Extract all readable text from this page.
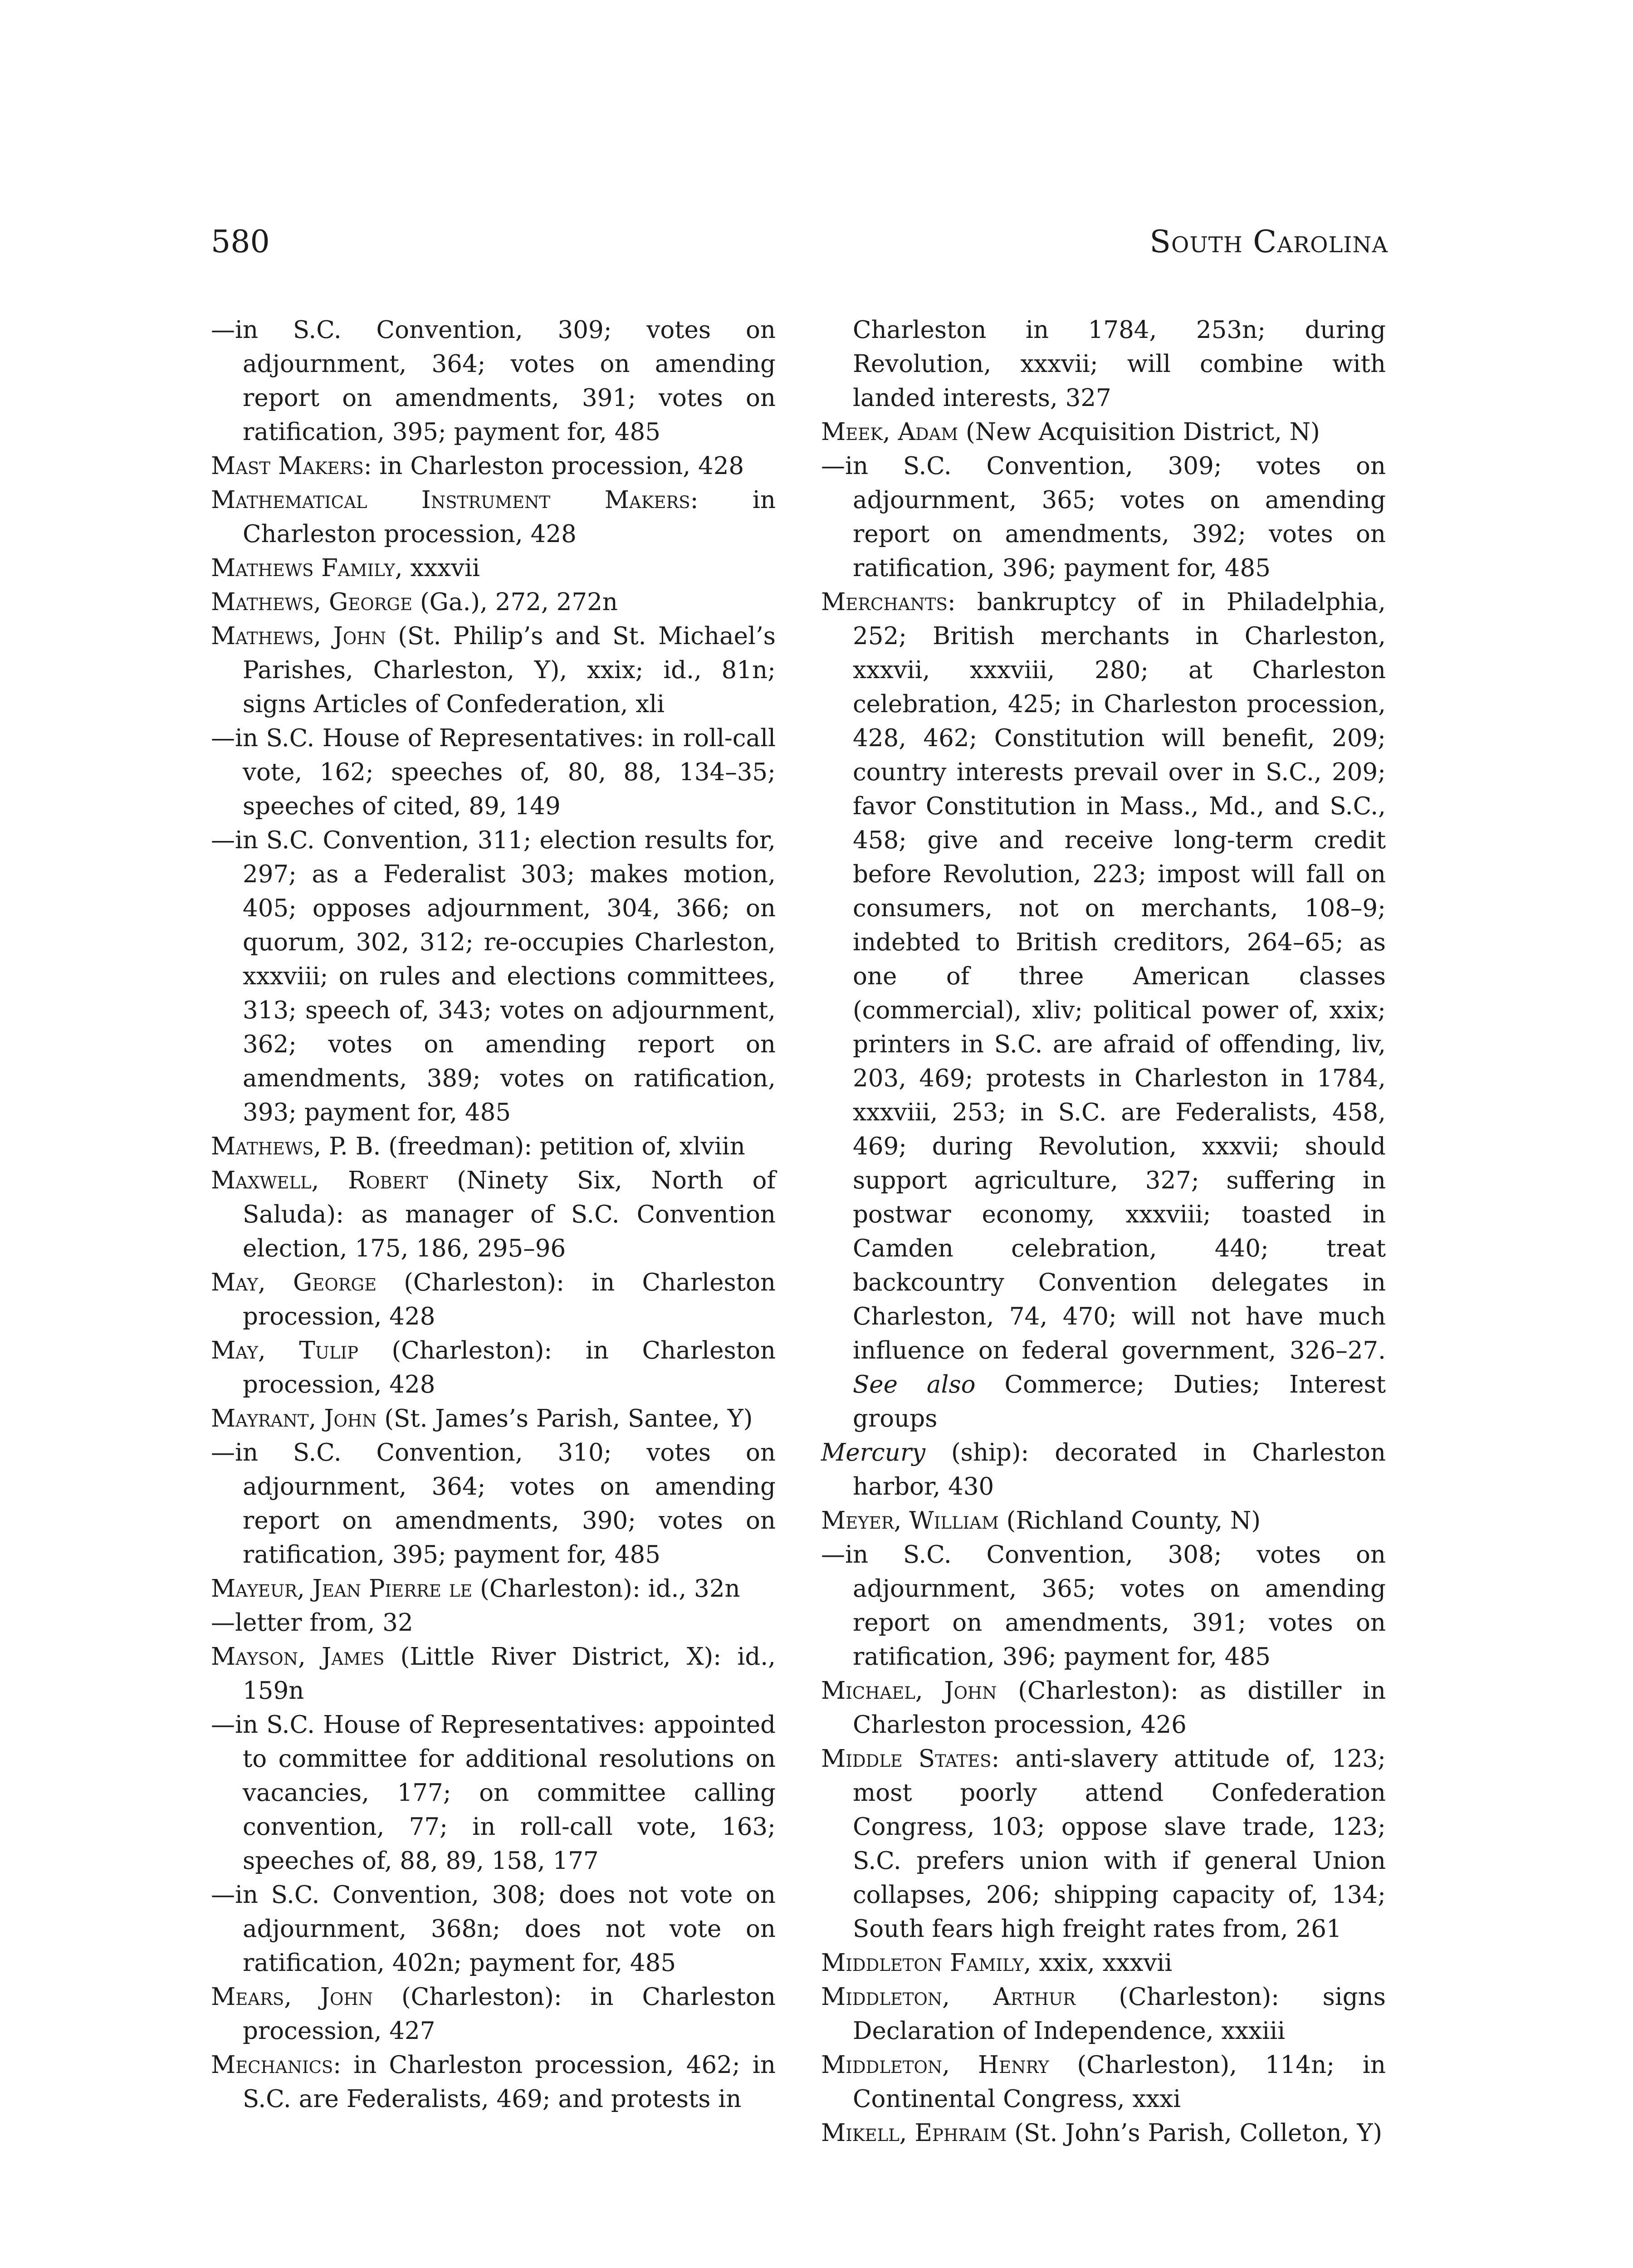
580	South Carolina
—in S.C. Convention, 309; votes on adjournment, 364; votes on amending report on amendments, 391; votes on ratification, 395; payment for, 485
Mast Makers: in Charleston procession, 428
Mathematical Instrument Makers: in Charleston procession, 428
Mathews Family, xxxvii
Mathews, George (Ga.), 272, 272n
Mathews, John (St. Philip’s and St. Michael’s Parishes, Charleston, Y), xxix; id., 81n; signs Articles of Confederation, xli
—in S.C. House of Representatives: in roll-call vote, 162; speeches of, 80, 88, 134–35; speeches of cited, 89, 149
—in S.C. Convention, 311; election results for, 297; as a Federalist 303; makes motion, 405; opposes adjournment, 304, 366; on quorum, 302, 312; re-occupies Charleston, xxxviii; on rules and elections committees, 313; speech of, 343; votes on adjournment, 362; votes on amending report on amendments, 389; votes on ratification, 393; payment for, 485
Mathews, P. B. (freedman): petition of, xlviin
Maxwell, Robert (Ninety Six, North of Saluda): as manager of S.C. Convention election, 175, 186, 295–96
May, George (Charleston): in Charleston procession, 428
May, Tulip (Charleston): in Charleston procession, 428
Mayrant, John (St. James’s Parish, Santee, Y)
—in S.C. Convention, 310; votes on adjournment, 364; votes on amending report on amendments, 390; votes on ratification, 395; payment for, 485
Mayeur, Jean Pierre le (Charleston): id., 32n
—letter from, 32
Mayson, James (Little River District, X): id., 159n
—in S.C. House of Representatives: appointed to committee for additional resolutions on vacancies, 177; on committee calling convention, 77; in roll-call vote, 163; speeches of, 88, 89, 158, 177
—in S.C. Convention, 308; does not vote on adjournment, 368n; does not vote on ratification, 402n; payment for, 485
Mears, John (Charleston): in Charleston procession, 427
Mechanics: in Charleston procession, 462; in S.C. are Federalists, 469; and protests in
Charleston in 1784, 253n; during Revolution, xxxvii; will combine with landed interests, 327
Meek, Adam (New Acquisition District, N)
—in S.C. Convention, 309; votes on adjournment, 365; votes on amending report on amendments, 392; votes on ratification, 396; payment for, 485
Merchants: bankruptcy of in Philadelphia, 252; British merchants in Charleston, xxxvii, xxxviii, 280; at Charleston celebration, 425; in Charleston procession, 428, 462; Constitution will benefit, 209; country interests prevail over in S.C., 209; favor Constitution in Mass., Md., and S.C., 458; give and receive long-term credit before Revolution, 223; impost will fall on consumers, not on merchants, 108–9; indebted to British creditors, 264–65; as one of three American classes (commercial), xliv; political power of, xxix; printers in S.C. are afraid of offending, liv, 203, 469; protests in Charleston in 1784, xxxviii, 253; in S.C. are Federalists, 458, 469; during Revolution, xxxvii; should support agriculture, 327; suffering in postwar economy, xxxviii; toasted in Camden celebration, 440; treat backcountry Convention delegates in Charleston, 74, 470; will not have much influence on federal government, 326–27. See also Commerce; Duties; Interest groups
Mercury (ship): decorated in Charleston harbor, 430
Meyer, William (Richland County, N)
—in S.C. Convention, 308; votes on adjournment, 365; votes on amending report on amendments, 391; votes on ratification, 396; payment for, 485
Michael, John (Charleston): as distiller in Charleston procession, 426
Middle States: anti-slavery attitude of, 123; most poorly attend Confederation Congress, 103; oppose slave trade, 123; S.C. prefers union with if general Union collapses, 206; shipping capacity of, 134; South fears high freight rates from, 261
Middleton Family, xxix, xxxvii
Middleton, Arthur (Charleston): signs Declaration of Independence, xxxiii
Middleton, Henry (Charleston), 114n; in Continental Congress, xxxi
Mikell, Ephraim (St. John’s Parish, Colleton, Y)
